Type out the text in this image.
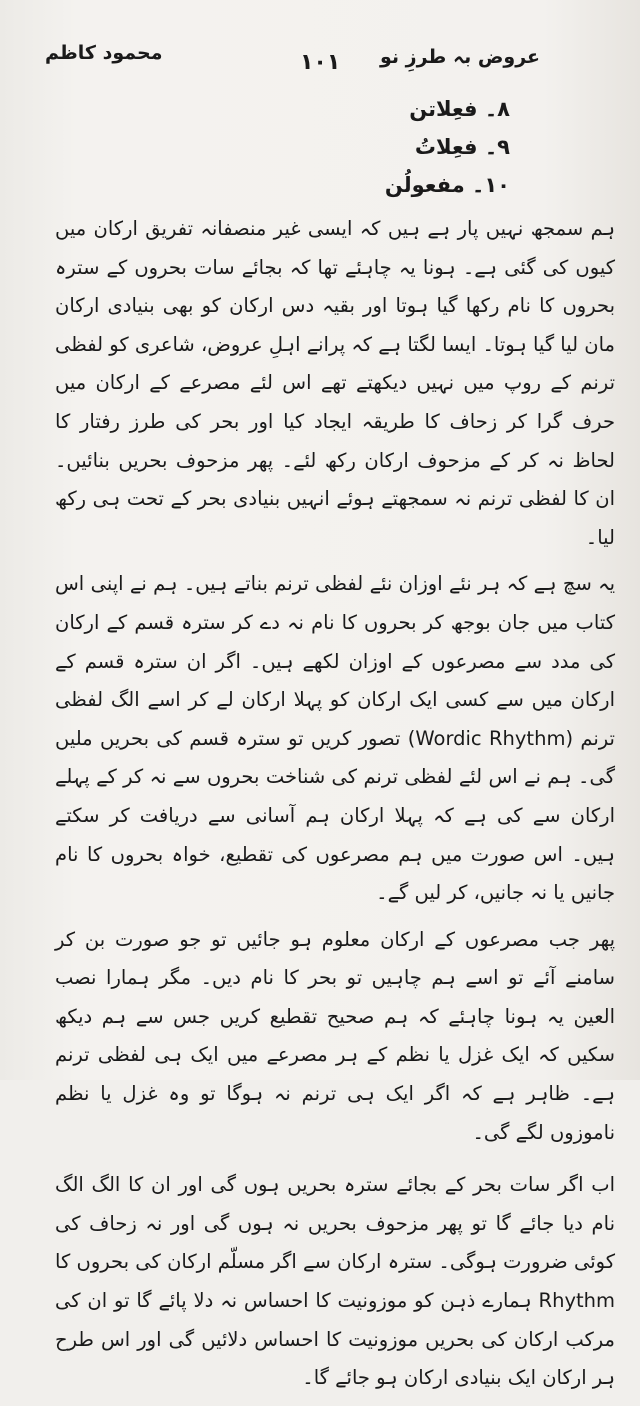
عروض بہ طرزِ نو
۱۰۱
محمود کاظم
۸۔ فعِلاتن
۹۔ فعِلاتُ
۱۰۔ مفعولُن

ہم سمجھ نہیں پار ہے ہیں کہ ایسی غیر منصفانہ تفریق ارکان میں کیوں کی گئی ہے۔ ہونا یہ چاہئے تھا کہ بجائے سات بحروں کے سترہ بحروں کا نام رکھا گیا ہوتا اور بقیہ دس ارکان کو بھی بنیادی ارکان مان لیا گیا ہوتا۔ ایسا لگتا ہے کہ پرانے اہلِ عروض، شاعری کو لفظی ترنم کے روپ میں نہیں دیکھتے تھے اس لئے مصرعے کے ارکان میں حرف گرا کر زحاف کا طریقہ ایجاد کیا اور بحر کی طرز رفتار کا لحاظ نہ کر کے مزحوف ارکان رکھ لئے۔ پھر مزحوف بحریں بنائیں۔ ان کا لفظی ترنم نہ سمجھتے ہوئے انہیں بنیادی بحر کے تحت ہی رکھ لیا۔

یہ سچ ہے کہ ہر نئے اوزان نئے لفظی ترنم بناتے ہیں۔ ہم نے اپنی اس کتاب میں جان بوجھ کر بحروں کا نام نہ دے کر سترہ قسم کے ارکان کی مدد سے مصرعوں کے اوزان لکھے ہیں۔ اگر ان سترہ قسم کے ارکان میں سے کسی ایک ارکان کو پہلا ارکان لے کر اسے الگ لفظی ترنم (Wordic Rhythm) تصور کریں تو سترہ قسم کی بحریں ملیں گی۔ ہم نے اس لئے لفظی ترنم کی شناخت بحروں سے نہ کر کے پہلے ارکان سے کی ہے کہ پہلا ارکان ہم آسانی سے دریافت کر سکتے ہیں۔ اس صورت میں ہم مصرعوں کی تقطیع، خواہ بحروں کا نام جانیں یا نہ جانیں، کر لیں گے۔

پھر جب مصرعوں کے ارکان معلوم ہو جائیں تو جو صورت بن کر سامنے آئے تو اسے ہم چاہیں تو بحر کا نام دیں۔ مگر ہمارا نصب العین یہ ہونا چاہئے کہ ہم صحیح تقطیع کریں جس سے ہم دیکھ سکیں کہ ایک غزل یا نظم کے ہر مصرعے میں ایک ہی لفظی ترنم ہے۔ ظاہر ہے کہ اگر ایک ہی ترنم نہ ہوگا تو وہ غزل یا نظم ناموزوں لگے گی۔

اب اگر سات بحر کے بجائے سترہ بحریں ہوں گی اور ان کا الگ الگ نام دیا جائے گا تو پھر مزحوف بحریں نہ ہوں گی اور نہ زحاف کی کوئی ضرورت ہوگی۔ سترہ ارکان سے اگر مسلّم ارکان کی بحروں کا Rhythm ہمارے ذہن کو موزونیت کا احساس نہ دلا پائے گا تو ان کی مرکب ارکان کی بحریں موزونیت کا احساس دلائیں گی اور اس طرح ہر ارکان ایک بنیادی ارکان ہو جائے گا۔
